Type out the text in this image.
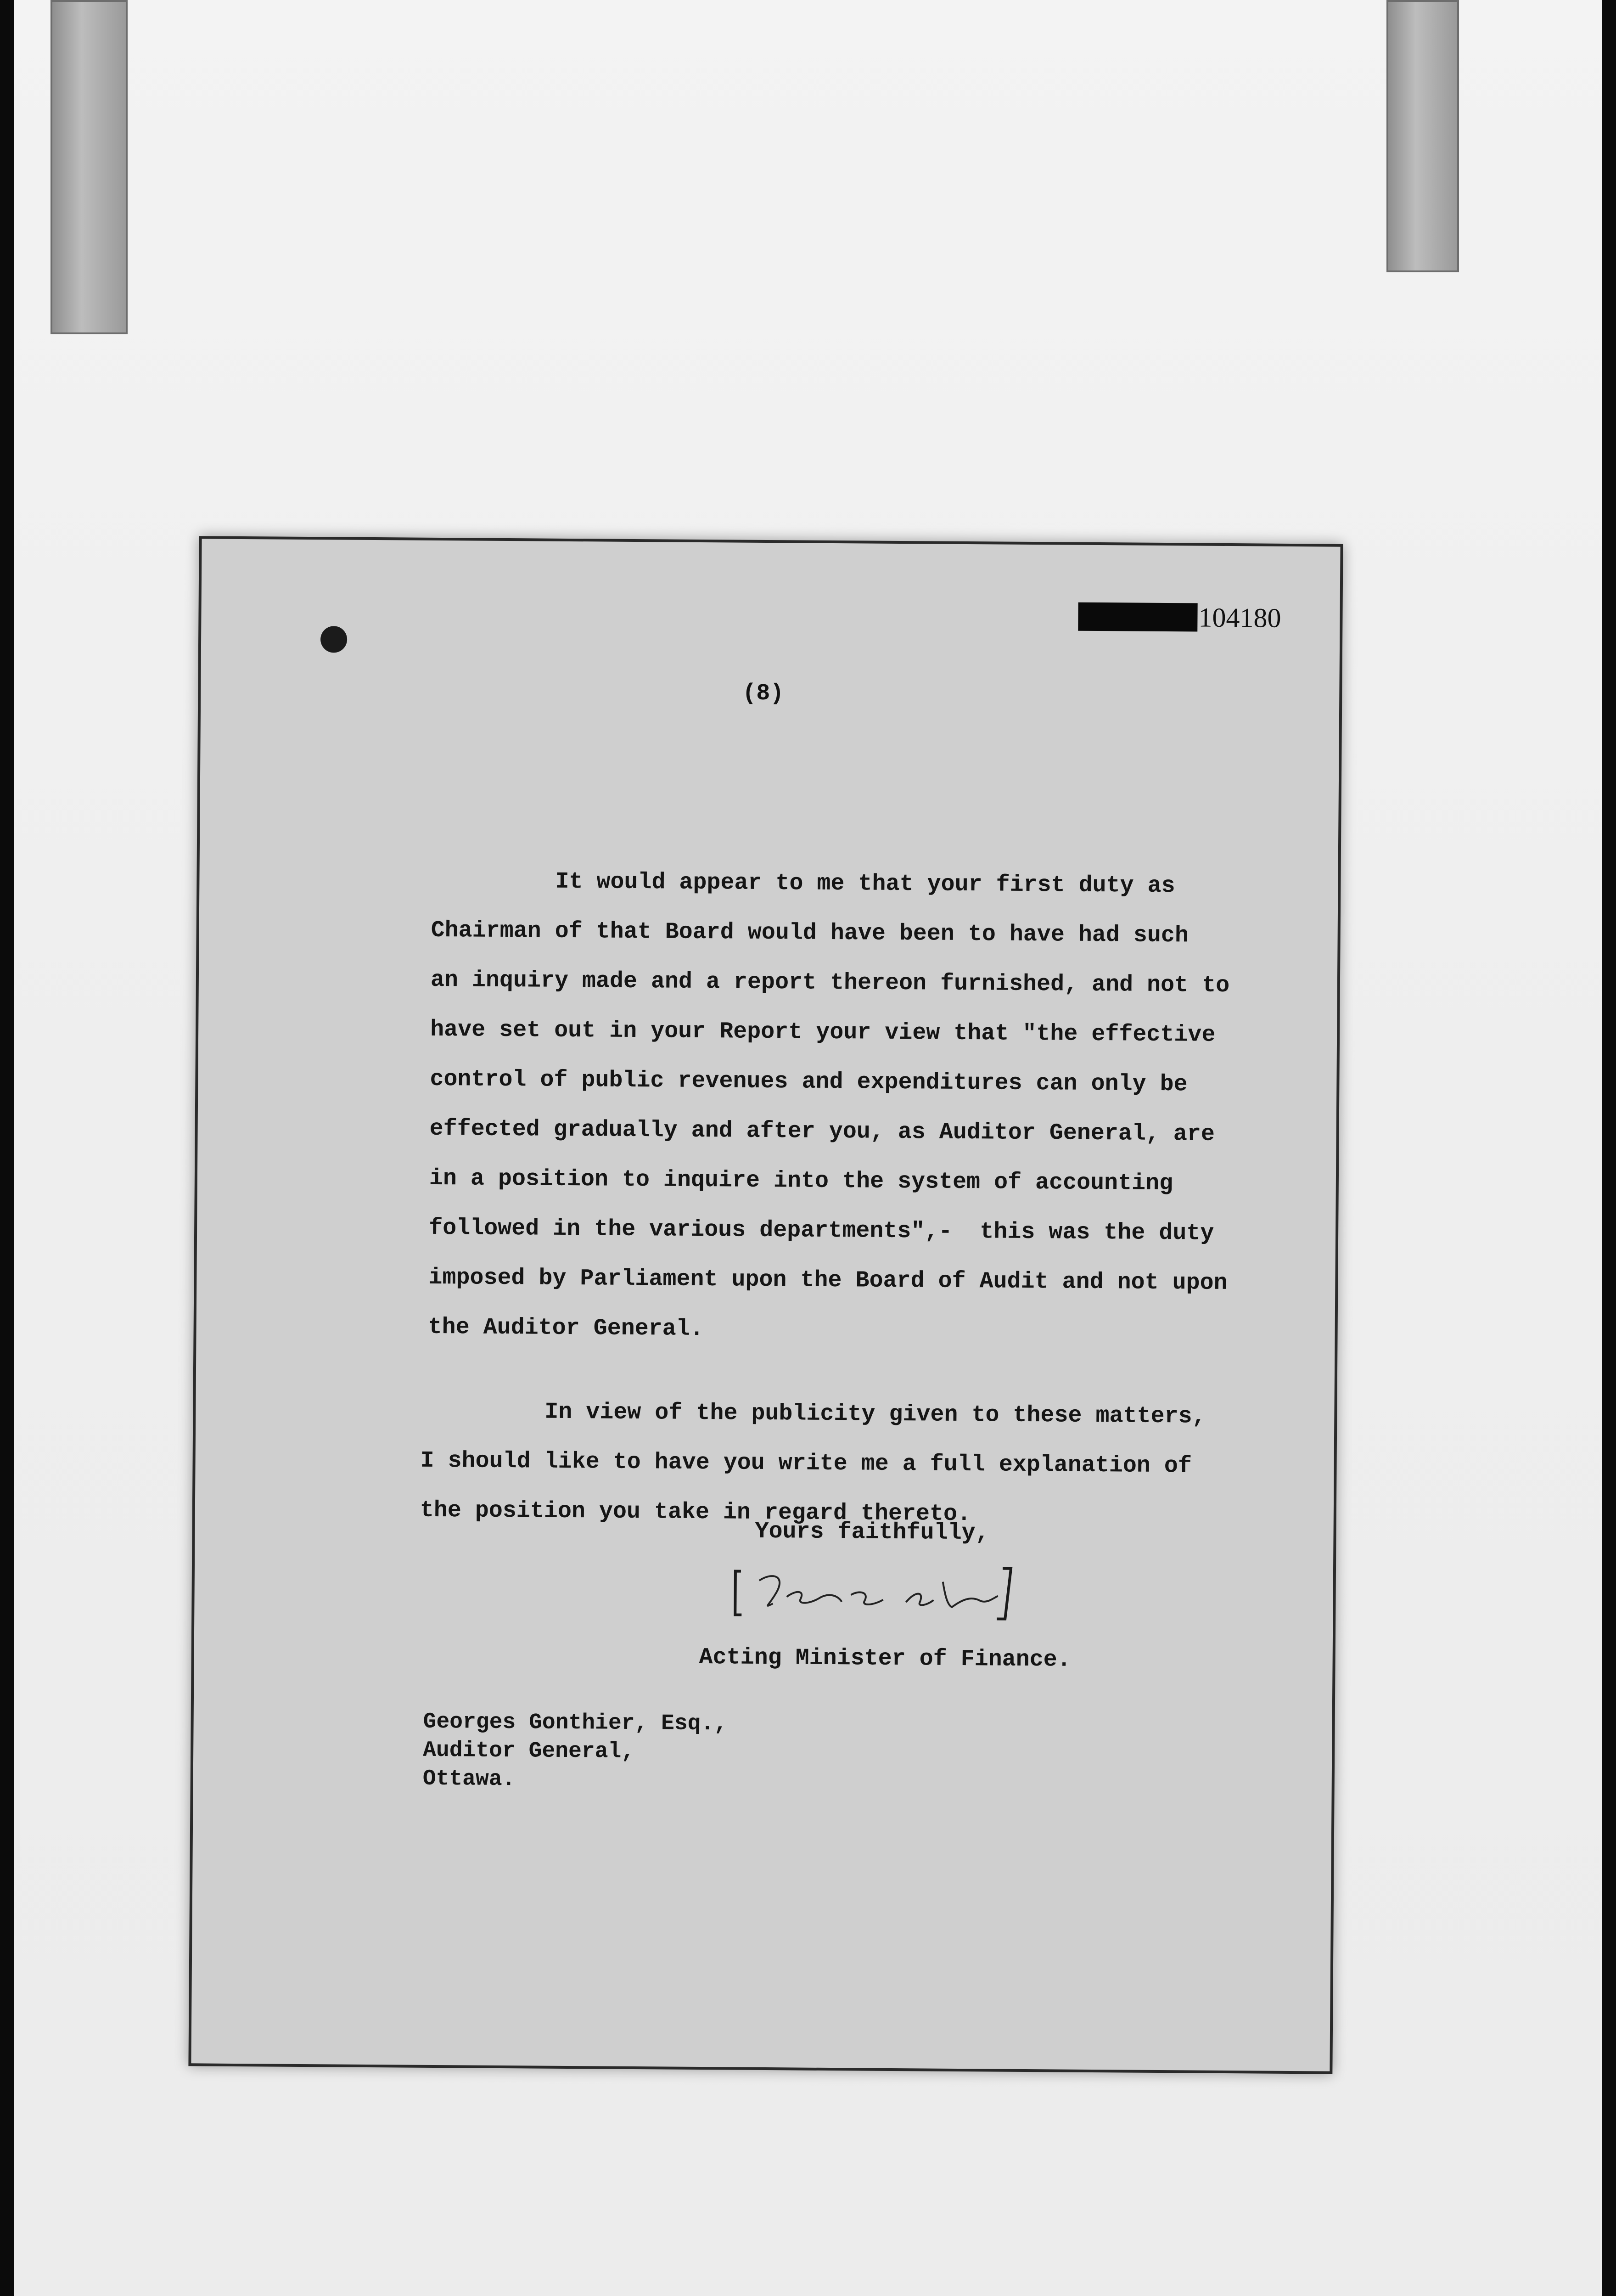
104180
(8)

It would appear to me that your first duty as
Chairman of that Board would have been to have had such
an inquiry made and a report thereon furnished, and not to
have set out in your Report your view that "the effective
control of public revenues and expenditures can only be
effected gradually and after you, as Auditor General, are
in a position to inquire into the system of accounting
followed in the various departments",-  this was the duty
imposed by Parliament upon the Board of Audit and not upon
the Auditor General.

In view of the publicity given to these matters,
I should like to have you write me a full explanation of
the position you take in regard thereto.

Yours faithfully,
Acting Minister of Finance.

Georges Gonthier, Esq.,
Auditor General,
Ottawa.
